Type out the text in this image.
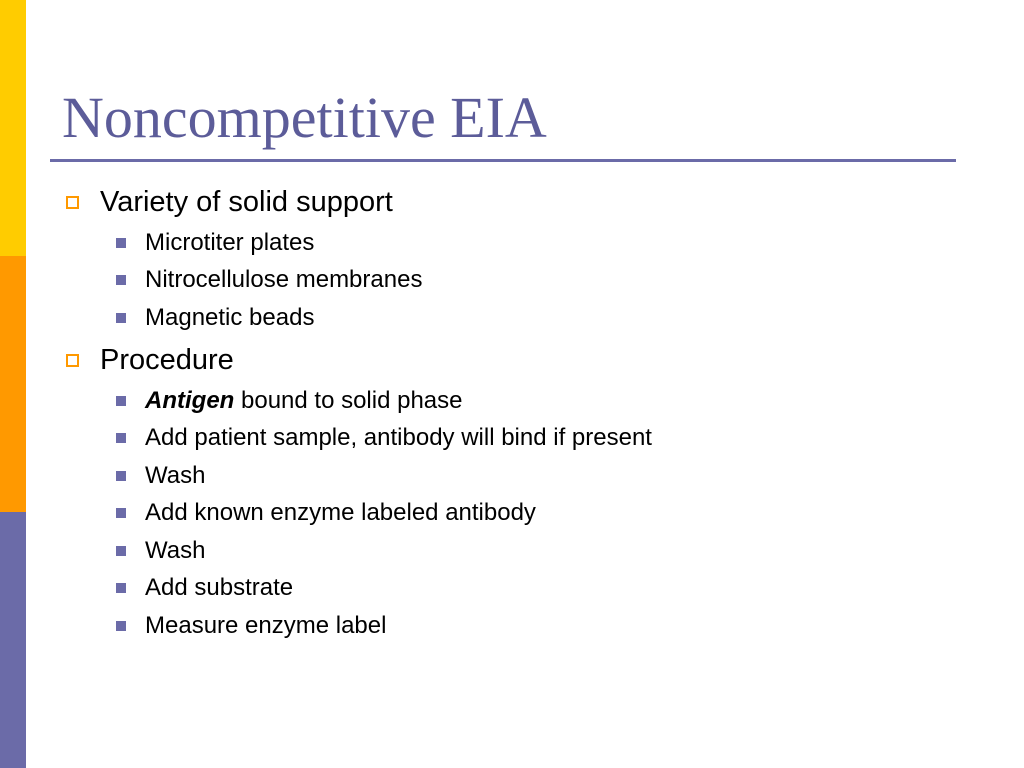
Noncompetitive EIA
Variety of solid support
Microtiter plates
Nitrocellulose membranes
Magnetic beads
Procedure
Antigen bound to solid phase
Add patient sample, antibody will bind if present
Wash
Add known enzyme labeled antibody
Wash
Add substrate
Measure enzyme label
